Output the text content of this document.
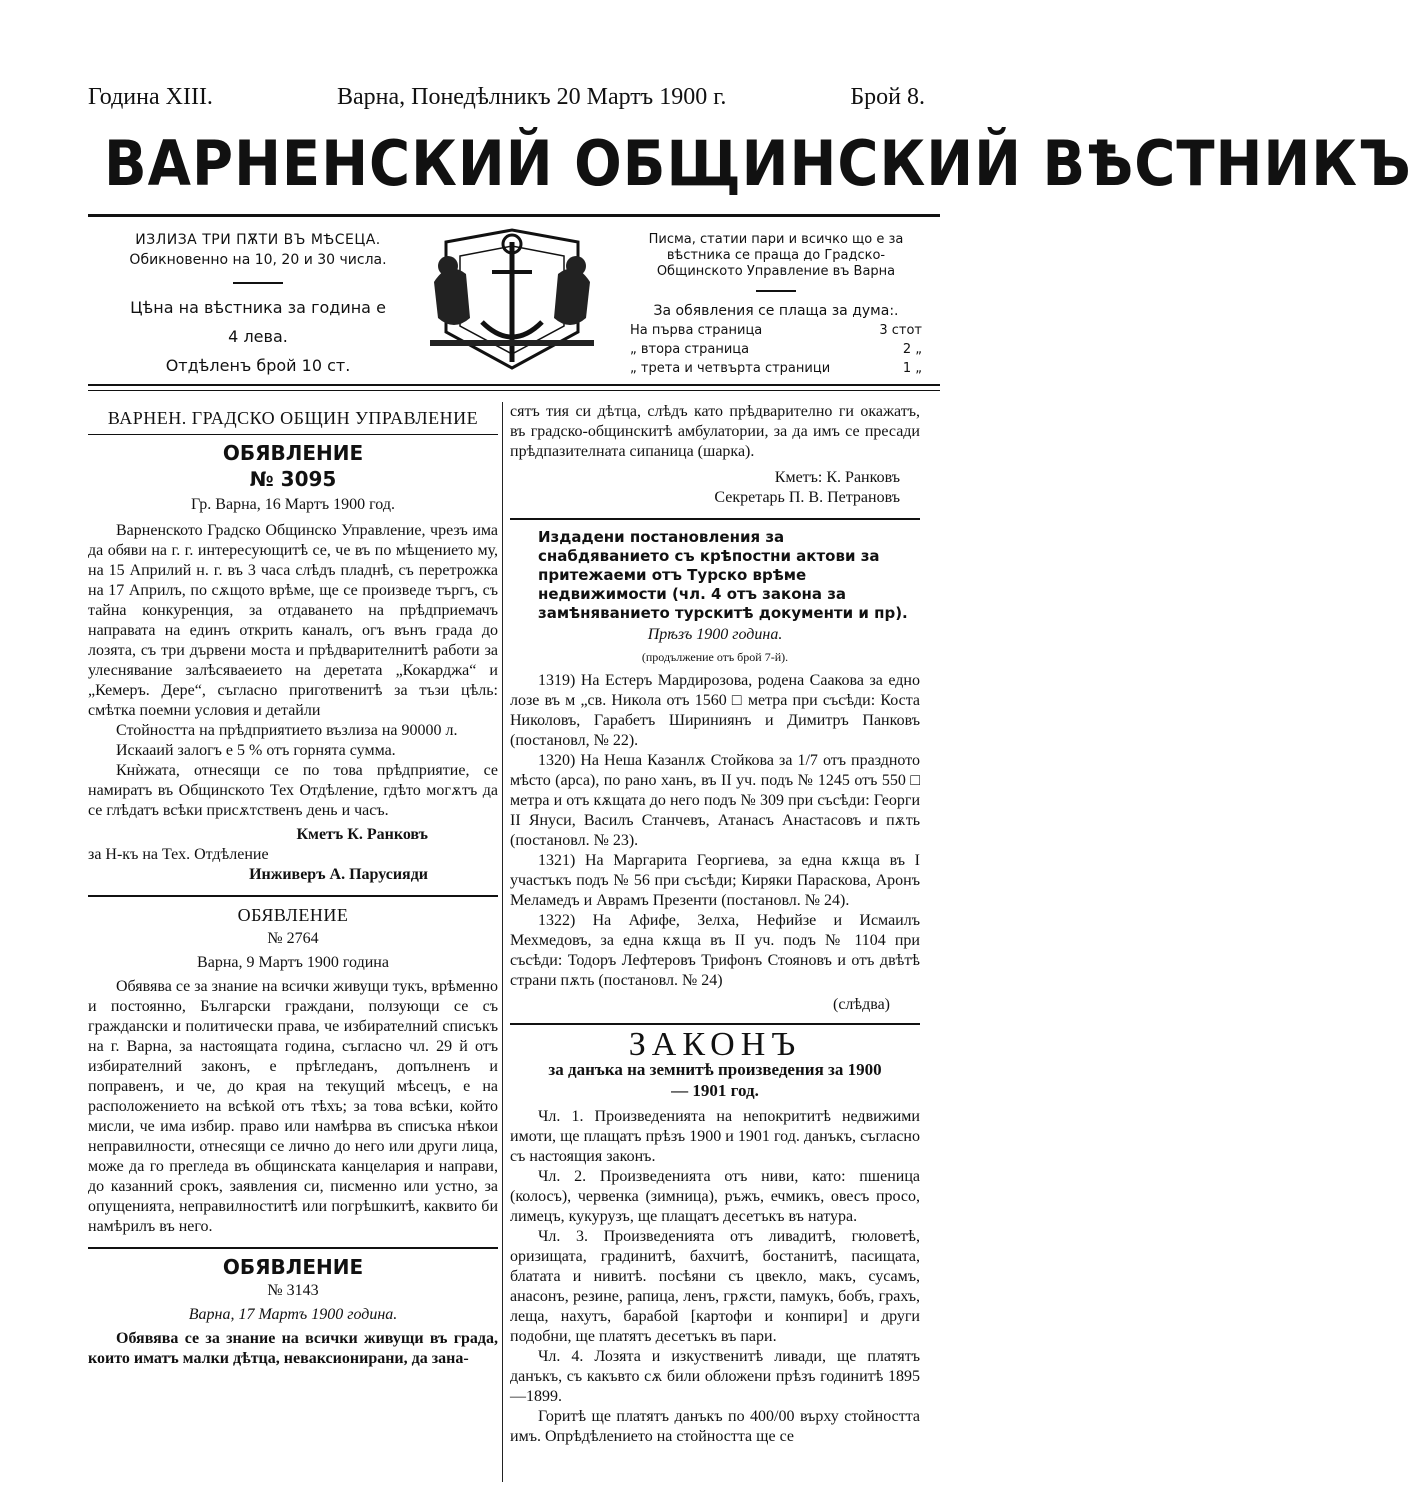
Година XIII.	Варна, Понедѣлникъ 20 Мартъ 1900 г.	Брой 8.
ВАРНЕНСКИЙ ОБЩИНСКИЙ ВѢСТНИКЪ
ИЗЛИЗА ТРИ ПѪТИ ВЪ МѢСЕЦА.
Обикновенно на 10, 20 и 30 числа.
Цѣна на вѣстника за година е
4 лева.
Отдѣленъ брой 10 ст.
Писма, статии пари и всичко що е за вѣстника се праща до Градско-Общинското Управление въ Варна
За обявления се плаща за дума:.
На първа страница	3 стот
„ втора страница	2 „
„ трета и четвърта страници	1 „
ВАРНЕН. ГРАДСКО ОБЩИН УПРАВЛЕНИЕ
ОБЯВЛЕНИЕ
№ 3095

Гр. Варна, 16 Мартъ 1900 год.

Варненското Градско Общинско Управление, чрезъ има да обяви на г. г. интересующитѣ се, че въ по мѣщението му, на 15 Априлий н. г. въ 3 часа слѣдъ пладнѣ, съ перетрожка на 17 Априлъ, по сѫщото врѣме, ще се произведе търгъ, съ тайна конкуренция, за отдаването на прѣдприемачъ направата на единъ открить каналъ, огъ вънъ града до лозята, съ три дървени моста и прѣдварителнитѣ работи за улеснявание залѣсяваеието на деретата „Кокарджа“ и „Кемеръ. Дере“, съгласно приготвенитѣ за тъзи цѣль: смѣтка поемни условия и детайли

Стойността на прѣдприятието възлиза на 90000 л.

Искааий залогъ е 5 % отъ горнята сумма.

Кнѝжата, отнесящи се по това прѣдприятие, се намиратъ въ Общинското Тех Отдѣление, гдѣто могѫтъ да се глѣдатъ всѣки присѫтственъ день и часъ.

Кметъ К. Ранковъ

за Н-къ на Тех. Отдѣление

Инживеръ А. Парусияди

ОБЯВЛЕНИЕ

№ 2764

Варна, 9 Мартъ 1900 година

Обявява се за знание на всички живущи тукъ, врѣменно и постоянно, Български граждани, ползующи се съ граждански и политически права, че избирателний списъкъ на г. Варна, за настоящата година, съгласно чл. 29 й отъ избирателний законъ, е прѣгледанъ, допълненъ и поправенъ, и че, до края на текущий мѣсецъ, е на расположението на всѣкой отъ тѣхъ; за това всѣки, който мисли, че има избир. право или намѣрва въ списъка нѣкои неправилности, отнесящи се лично до него или други лица, може да го прегледа въ общинската канцелария и направи, до казанний срокъ, заявления си, писменно или устно, за опущенията, неправилноститѣ или погрѣшкитѣ, каквито би намѣрилъ въ него.

ОБЯВЛЕНИЕ

№ 3143

Варна, 17 Мартъ 1900 година.

Обявява се за знание на всички живущи въ града, които иматъ малки дѣтца, неваксионирани, да зана-

сятъ тия си дѣтца, слѣдъ като прѣдварително ги окажатъ, въ градско-общинскитѣ амбулатории, за да имъ се пресади прѣдпазителната сипаница (шарка).

Кметъ: К. Ранковъ

Секретарь П. В. Петрановъ

Издадени постановления за снабдяванието съ крѣпостни актови за притежаеми отъ Турско врѣме недвижимости (чл. 4 отъ закона за замѣняванието турскитѣ документи и пр).

Прѣзъ 1900 година.

(продължение отъ брой 7-й).

1319) На Естеръ Мардирозова, родена Саакова за едно лозе въ м „св. Никола отъ 1560 □ метра при съсѣди: Коста Николовъ, Гарабетъ Шириниянъ и Димитръ Панковъ (постановл, № 22).

1320) На Неша Казанлѫ Стойкова за 1/7 отъ праздното мѣсто (арса), по рано ханъ, въ II уч. подъ № 1245 отъ 550 □ метра и отъ кѫщата до него подъ № 309 при съсѣди: Георги II Януси, Василъ Станчевъ, Атанасъ Анастасовъ и пѫть (постановл. № 23).

1321) На Маргарита Георгиева, за една кѫща въ I участъкъ подъ № 56 при съсѣди; Киряки Параскова, Аронъ Меламедъ и Аврамъ Презенти (постановл. № 24).

1322) На Афифе, Зелха, Нефийзе и Исмаилъ Мехмедовъ, за една кѫща въ II уч. подъ № 1104 при съсѣди: Тодоръ Лефтеровъ Трифонъ Стояновъ и отъ двѣтѣ страни пѫть (постановл. № 24)

(слѣдва)

ЗАКОНЪ

за данъка на земнитѣ произведения за 1900 — 1901 год.

Чл. 1. Произведенията на непокрититѣ недвижими имоти, ще плащатъ прѣзъ 1900 и 1901 год. данъкъ, съгласно съ настоящия законъ.

Чл. 2. Произведенията отъ ниви, като: пшеница (колосъ), червенка (зимница), ръжъ, ечмикъ, овесъ просо, лимецъ, кукурузъ, ще плащатъ десетъкъ въ натура.

Чл. 3. Произведенията отъ ливадитѣ, гюловетѣ, оризищата, градинитѣ, бахчитѣ, бостанитѣ, пасищата, блатата и нивитѣ. посѣяни съ цвекло, макъ, сусамъ, анасонъ, резине, рапица, ленъ, грѫсти, памукъ, бобъ, грахъ, леща, нахутъ, барабой [картофи и конпири] и други подобни, ще платятъ десетъкъ въ пари.

Чл. 4. Лозята и изкуственитѣ ливади, ще платятъ данъкъ, съ какъвто сѫ били обложени прѣзъ годинитѣ 1895—1899.

Горитѣ ще платятъ данъкъ по 400/00 върху стойността имъ. Опрѣдѣлението на стойността ще се
